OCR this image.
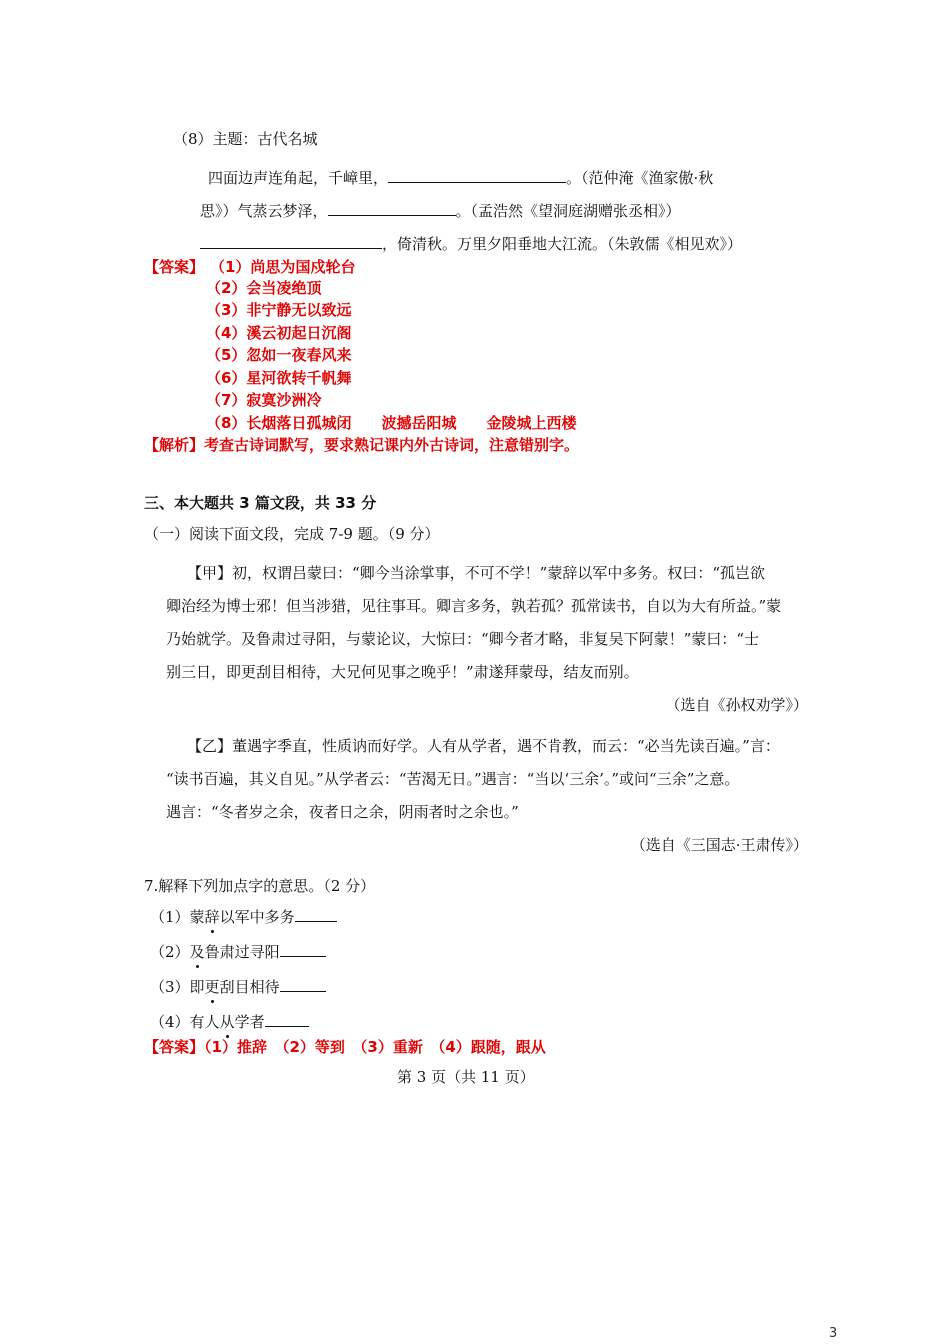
（8）主题：古代名城
四面边声连角起，千嶂里，	。（范仲淹《渔家傲·秋
思》）气蒸云梦泽，	。（孟浩然《望洞庭湖赠张丞相》）
，倚清秋。万里夕阳垂地大江流。（朱敦儒《相见欢》）
【答案】 （1）尚思为国戍轮台
（2）会当凌绝顶
（3）非宁静无以致远
（4）溪云初起日沉阁
（5）忽如一夜春风来
（6）星河欲转千帆舞
（7）寂寞沙洲冷
（8）长烟落日孤城闭　　波撼岳阳城　　金陵城上西楼
【解析】考查古诗词默写，要求熟记课内外古诗词，注意错别字。
三、本大题共 3 篇文段，共 33 分
（一）阅读下面文段，完成 7-9 题。（9 分）
【甲】初，权谓吕蒙曰：“卿今当涂掌事，不可不学！”蒙辞以军中多务。权曰：“孤岂欲
卿治经为博士邪！但当涉猎，见往事耳。卿言多务，孰若孤？孤常读书，自以为大有所益。”蒙
乃始就学。及鲁肃过寻阳，与蒙论议，大惊曰：“卿今者才略，非复吴下阿蒙！”蒙曰：“士
别三日，即更刮目相待，大兄何见事之晚乎！”肃遂拜蒙母，结友而别。
（选自《孙权劝学》）
【乙】董遇字季直，性质讷而好学。人有从学者，遇不肯教，而云：“必当先读百遍。”言：
“读书百遍，其义自见。”从学者云：“苦渴无日。”遇言：“当以‘三余’。”或问“三余”之意。
遇言：“冬者岁之余，夜者日之余，阴雨者时之余也。”
（选自《三国志·王肃传》）
7.解释下列加点字的意思。（2 分）
（1）蒙辞以军中多务
（2）及鲁肃过寻阳
（3）即更刮目相待
（4）有人从学者
【答案】（1）推辞　（2）等到　（3）重新　（4）跟随，跟从
第 3 页（共 11 页）
3
